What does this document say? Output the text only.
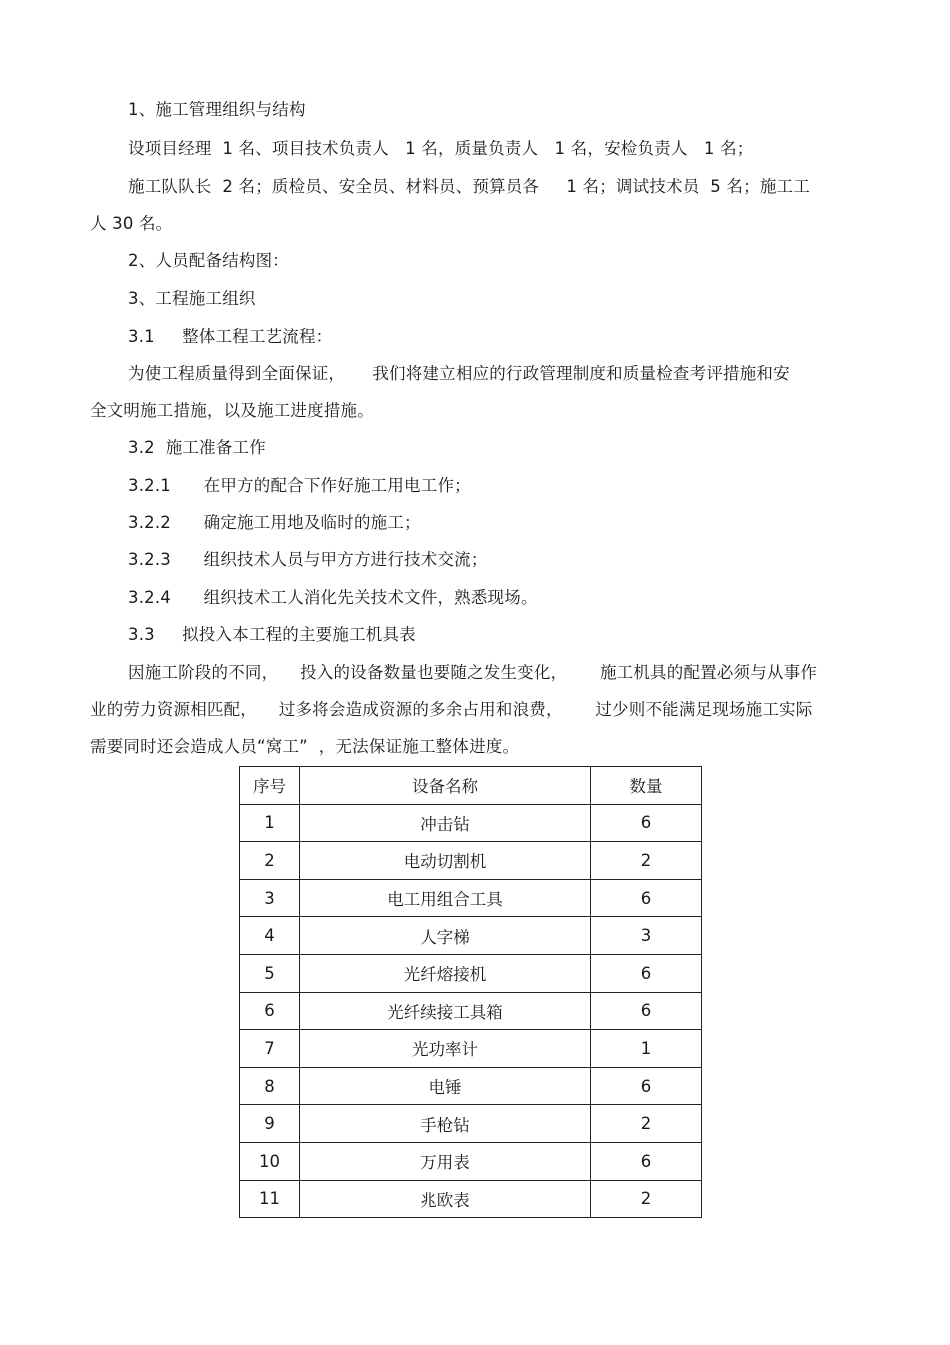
1、施工管理组织与结构
设项目经理  1 名、项目技术负责人   1 名，质量负责人   1 名，安检负责人   1 名；
施工队队长  2 名；质检员、安全员、材料员、预算员各     1 名；调试技术员  5 名；施工工
人 30 名。
2、人员配备结构图：
3、工程施工组织
3.1     整体工程工艺流程：
为使工程质量得到全面保证，     我们将建立相应的行政管理制度和质量检查考评措施和安
全文明施工措施，以及施工进度措施。
3.2  施工准备工作
3.2.1      在甲方的配合下作好施工用电工作；
3.2.2      确定施工用地及临时的施工；
3.2.3      组织技术人员与甲方方进行技术交流；
3.2.4      组织技术工人消化先关技术文件，熟悉现场。
3.3     拟投入本工程的主要施工机具表
因施工阶段的不同，    投入的设备数量也要随之发生变化，      施工机具的配置必须与从事作
业的劳力资源相匹配，    过多将会造成资源的多余占用和浪费，      过少则不能满足现场施工实际
需要同时还会造成人员“窝工”  ，无法保证施工整体进度。
序号	设备名称	数量
1	冲击钻	6
2	电动切割机	2
3	电工用组合工具	6
4	人字梯	3
5	光纤熔接机	6
6	光纤续接工具箱	6
7	光功率计	1
8	电锤	6
9	手枪钻	2
10	万用表	6
11	兆欧表	2
